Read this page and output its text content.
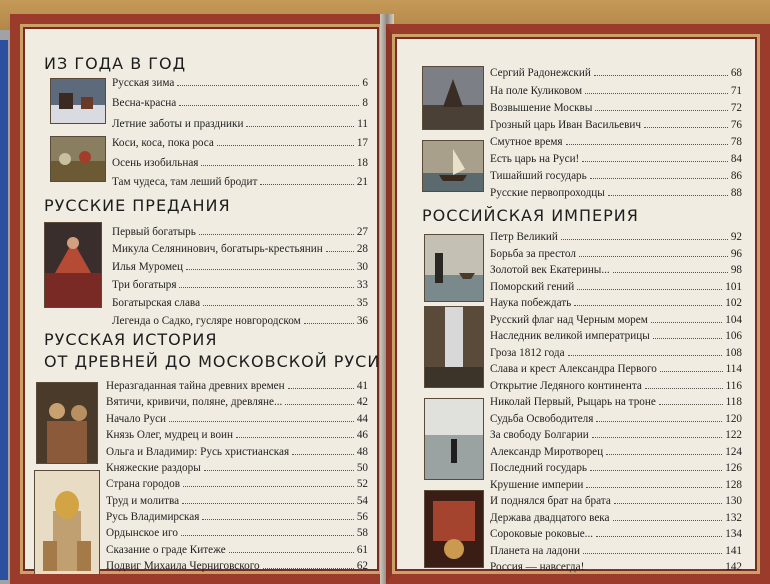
ИЗ ГОДА В ГОД
Русская зима	6
Весна-красна	8
Летние заботы и праздники	11
Коси, коса, пока роса	17
Осень изобильная	18
Там чудеса, там леший бродит	21
РУССКИЕ ПРЕДАНИЯ
Первый богатырь	27
Микула Селянинович, богатырь-крестьянин	28
Илья Муромец	30
Три богатыря	33
Богатырская слава	35
Легенда о Садко, гусляре новгородском	36
РУССКАЯ ИСТОРИЯ
ОТ ДРЕВНЕЙ ДО МОСКОВСКОЙ РУСИ
Неразгаданная тайна древних времен	41
Вятичи, кривичи, поляне, древляне...	42
Начало Руси	44
Князь Олег, мудрец и воин	46
Ольга и Владимир: Русь христианская	48
Княжеские раздоры	50
Страна городов	52
Труд и молитва	54
Русь Владимирская	56
Ордынское иго	58
Сказание о граде Китеже	61
Подвиг Михаила Черниговского	62
Победы Александра Невского	64
Сергий Радонежский	68
На поле Куликовом	71
Возвышение Москвы	72
Грозный царь Иван Васильевич	76
Смутное время	78
Есть царь на Руси!	84
Тишайший государь	86
Русские первопроходцы	88
РОССИЙСКАЯ ИМПЕРИЯ
Петр Великий	92
Борьба за престол	96
Золотой век Екатерины...	98
Поморский гений	101
Наука побеждать	102
Русский флаг над Черным морем	104
Наследник великой императрицы	106
Гроза 1812 года	108
Слава и крест Александра Первого	114
Открытие Ледяного континента	116
Николай Первый, Рыцарь на троне	118
Судьба Освободителя	120
За свободу Болгарии	122
Александр Миротворец	124
Последний государь	126
Крушение империи	128
И поднялся брат на брата	130
Держава двадцатого века	132
Сороковые роковые...	134
Планета на ладони	141
Россия — навсегда!	142
